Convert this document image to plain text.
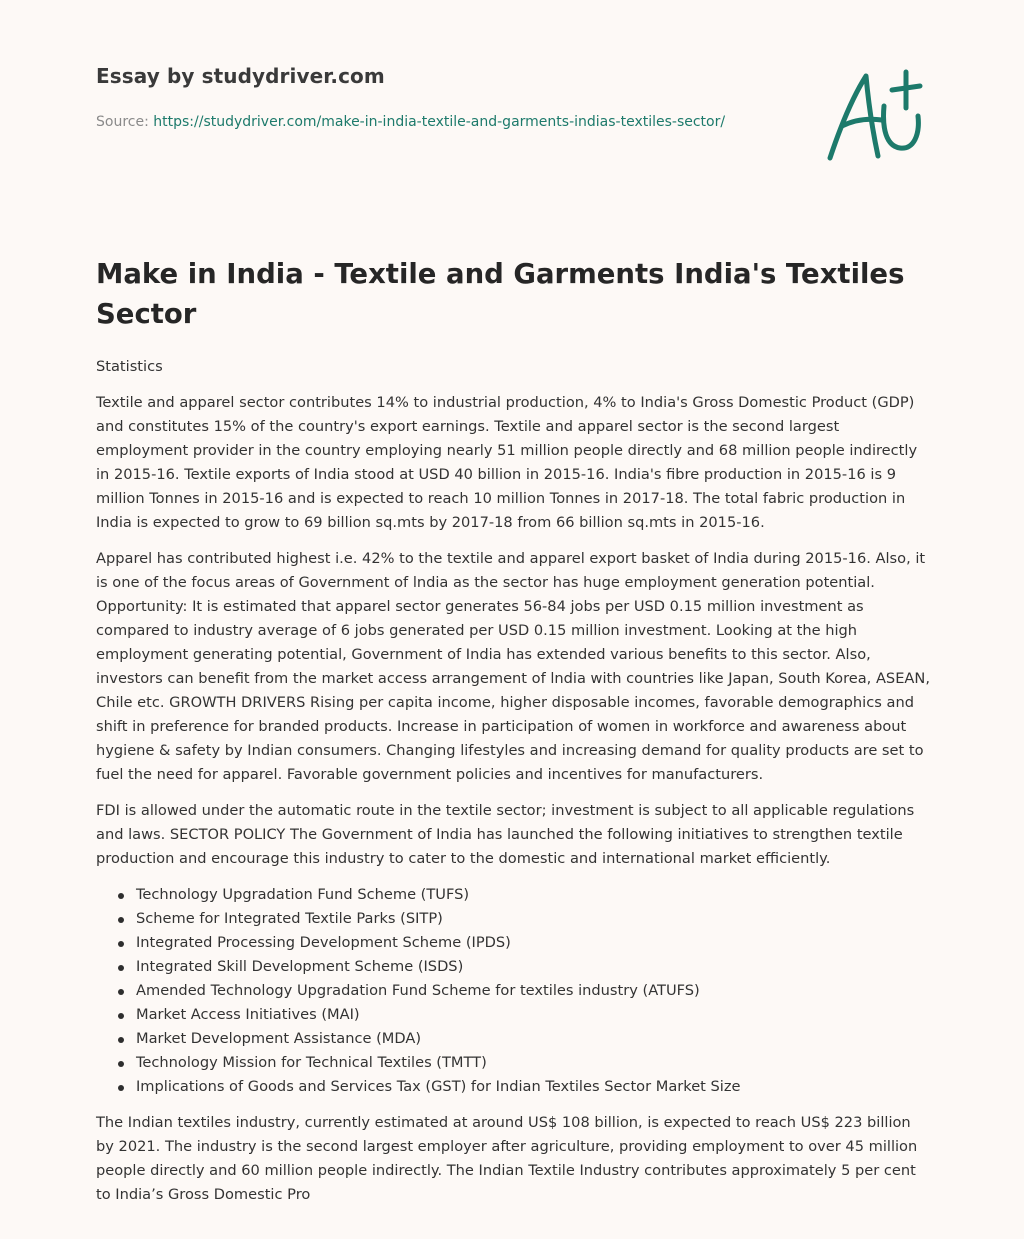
Essay by studydriver.com
Source: https://studydriver.com/make-in-india-textile-and-garments-indias-textiles-sector/
Make in India - Textile and Garments India's Textiles Sector

Statistics

Textile and apparel sector contributes 14% to industrial production, 4% to India's Gross Domestic Product (GDP) and constitutes 15% of the country's export earnings. Textile and apparel sector is the second largest employment provider in the country employing nearly 51 million people directly and 68 million people indirectly in 2015-16. Textile exports of India stood at USD 40 billion in 2015-16. India's fibre production in 2015-16 is 9 million Tonnes in 2015-16 and is expected to reach 10 million Tonnes in 2017-18. The total fabric production in India is expected to grow to 69 billion sq.mts by 2017-18 from 66 billion sq.mts in 2015-16.

Apparel has contributed highest i.e. 42% to the textile and apparel export basket of India during 2015-16. Also, it is one of the focus areas of Government of lndia as the sector has huge employment generation potential. Opportunity: It is estimated that apparel sector generates 56-84 jobs per USD 0.15 million investment as compared to industry average of 6 jobs generated per USD 0.15 million investment. Looking at the high employment generating potential, Government of India has extended various benefits to this sector. Also, investors can benefit from the market access arrangement of lndia with countries like Japan, South Korea, ASEAN, Chile etc. GROWTH DRIVERS Rising per capita income, higher disposable incomes, favorable demographics and shift in preference for branded products. Increase in participation of women in workforce and awareness about hygiene & safety by Indian consumers. Changing lifestyles and increasing demand for quality products are set to fuel the need for apparel. Favorable government policies and incentives for manufacturers.

FDI is allowed under the automatic route in the textile sector; investment is subject to all applicable regulations and laws. SECTOR POLICY The Government of India has launched the following initiatives to strengthen textile production and encourage this industry to cater to the domestic and international market efficiently.

Technology Upgradation Fund Scheme (TUFS)
Scheme for Integrated Textile Parks (SITP)
Integrated Processing Development Scheme (IPDS)
Integrated Skill Development Scheme (ISDS)
Amended Technology Upgradation Fund Scheme for textiles industry (ATUFS)
Market Access Initiatives (MAI)
Market Development Assistance (MDA)
Technology Mission for Technical Textiles (TMTT)
Implications of Goods and Services Tax (GST) for Indian Textiles Sector Market Size

The Indian textiles industry, currently estimated at around US$ 108 billion, is expected to reach US$ 223 billion by 2021. The industry is the second largest employer after agriculture, providing employment to over 45 million people directly and 60 million people indirectly. The Indian Textile Industry contributes approximately 5 per cent to India’s Gross Domestic Pro
